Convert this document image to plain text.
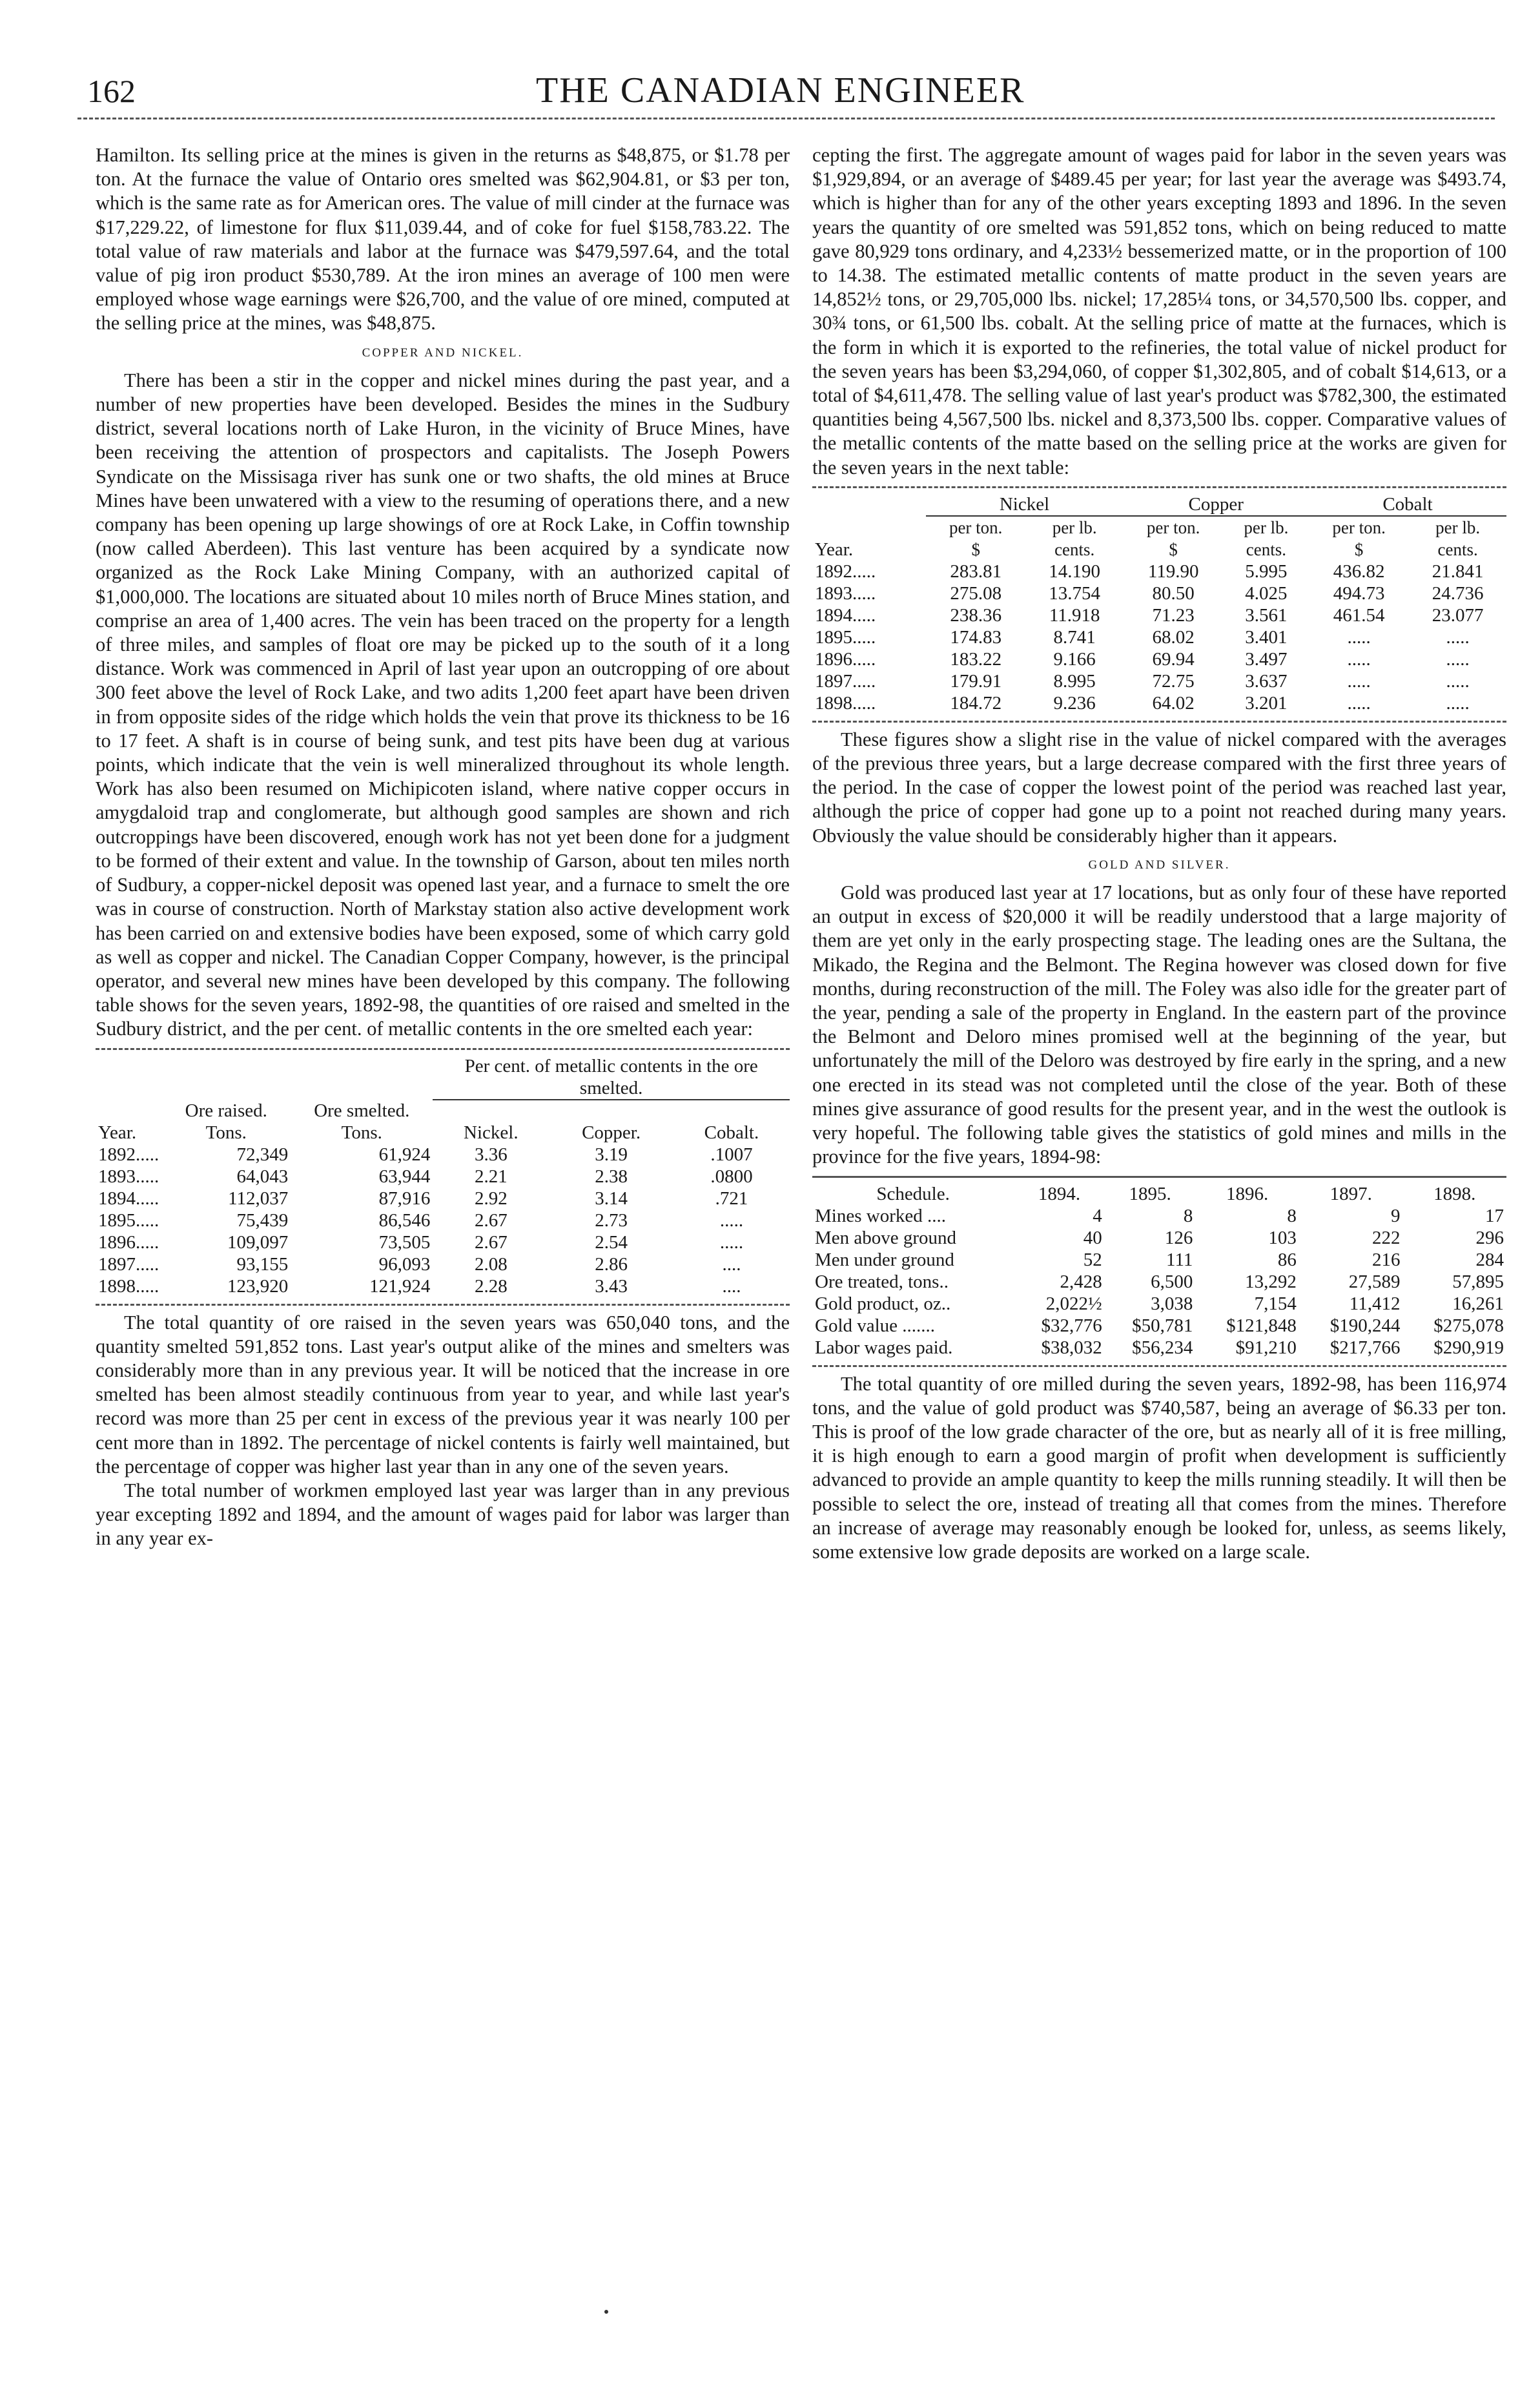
162	THE CANADIAN ENGINEER

Hamilton. Its selling price at the mines is given in the returns as $48,875, or $1.78 per ton. At the furnace the value of Ontario ores smelted was $62,904.81, or $3 per ton, which is the same rate as for American ores. The value of mill cinder at the furnace was $17,229.22, of limestone for flux $11,039.44, and of coke for fuel $158,783.22. The total value of raw materials and labor at the furnace was $479,597.64, and the total value of pig iron product $530,789. At the iron mines an average of 100 men were employed whose wage earnings were $26,700, and the value of ore mined, computed at the selling price at the mines, was $48,875.

COPPER AND NICKEL.

There has been a stir in the copper and nickel mines during the past year, and a number of new properties have been developed. Besides the mines in the Sudbury district, several locations north of Lake Huron, in the vicinity of Bruce Mines, have been receiving the attention of prospectors and capitalists. The Joseph Powers Syndicate on the Missisaga river has sunk one or two shafts, the old mines at Bruce Mines have been unwatered with a view to the resuming of operations there, and a new company has been opening up large showings of ore at Rock Lake, in Coffin township (now called Aberdeen). This last venture has been acquired by a syndicate now organized as the Rock Lake Mining Company, with an authorized capital of $1,000,000. The locations are situated about 10 miles north of Bruce Mines station, and comprise an area of 1,400 acres. The vein has been traced on the property for a length of three miles, and samples of float ore may be picked up to the south of it a long distance. Work was commenced in April of last year upon an outcropping of ore about 300 feet above the level of Rock Lake, and two adits 1,200 feet apart have been driven in from opposite sides of the ridge which holds the vein that prove its thickness to be 16 to 17 feet. A shaft is in course of being sunk, and test pits have been dug at various points, which indicate that the vein is well mineralized throughout its whole length. Work has also been resumed on Michipicoten island, where native copper occurs in amygdaloid trap and conglomerate, but although good samples are shown and rich outcroppings have been discovered, enough work has not yet been done for a judgment to be formed of their extent and value. In the township of Garson, about ten miles north of Sudbury, a copper-nickel deposit was opened last year, and a furnace to smelt the ore was in course of construction. North of Markstay station also active development work has been carried on and extensive bodies have been exposed, some of which carry gold as well as copper and nickel. The Canadian Copper Company, however, is the principal operator, and several new mines have been developed by this company. The following table shows for the seven years, 1892-98, the quantities of ore raised and smelted in the Sudbury district, and the per cent. of metallic contents in the ore smelted each year:

			Per cent. of metallic contents in the ore smelted.		
Year.	Ore raised. Tons.	Ore smelted. Tons.	Nickel.	Copper.	Cobalt.
1892.....	72,349	61,924	3.36	3.19	.1007
1893.....	64,043	63,944	2.21	2.38	.0800
1894.....	112,037	87,916	2.92	3.14	.721
1895.....	75,439	86,546	2.67	2.73	.....
1896.....	109,097	73,505	2.67	2.54	.....
1897.....	93,155	96,093	2.08	2.86	....
1898.....	123,920	121,924	2.28	3.43	....

The total quantity of ore raised in the seven years was 650,040 tons, and the quantity smelted 591,852 tons. Last year's output alike of the mines and smelters was considerably more than in any previous year. It will be noticed that the increase in ore smelted has been almost steadily continuous from year to year, and while last year's record was more than 25 per cent in excess of the previous year it was nearly 100 per cent more than in 1892. The percentage of nickel contents is fairly well maintained, but the percentage of copper was higher last year than in any one of the seven years.

The total number of workmen employed last year was larger than in any previous year excepting 1892 and 1894, and the amount of wages paid for labor was larger than in any year ex-

cepting the first. The aggregate amount of wages paid for labor in the seven years was $1,929,894, or an average of $489.45 per year; for last year the average was $493.74, which is higher than for any of the other years excepting 1893 and 1896. In the seven years the quantity of ore smelted was 591,852 tons, which on being reduced to matte gave 80,929 tons ordinary, and 4,233½ bessemerized matte, or in the proportion of 100 to 14.38. The estimated metallic contents of matte product in the seven years are 14,852½ tons, or 29,705,000 lbs. nickel; 17,285¼ tons, or 34,570,500 lbs. copper, and 30¾ tons, or 61,500 lbs. cobalt. At the selling price of matte at the furnaces, which is the form in which it is exported to the refineries, the total value of nickel product for the seven years has been $3,294,060, of copper $1,302,805, and of cobalt $14,613, or a total of $4,611,478. The selling value of last year's product was $782,300, the estimated quantities being 4,567,500 lbs. nickel and 8,373,500 lbs. copper. Comparative values of the metallic contents of the matte based on the selling price at the works are given for the seven years in the next table:

Year.	Nickel		Copper		Cobalt	
	per ton.	per lb.	per ton.	per lb.	per ton.	per lb.
	$	cents.	$	cents.	$	cents.
1892.....	283.81	14.190	119.90	5.995	436.82	21.841
1893.....	275.08	13.754	80.50	4.025	494.73	24.736
1894.....	238.36	11.918	71.23	3.561	461.54	23.077
1895.....	174.83	8.741	68.02	3.401	.....	.....
1896.....	183.22	9.166	69.94	3.497	.....	.....
1897.....	179.91	8.995	72.75	3.637	.....	.....
1898.....	184.72	9.236	64.02	3.201	.....	.....

These figures show a slight rise in the value of nickel compared with the averages of the previous three years, but a large decrease compared with the first three years of the period. In the case of copper the lowest point of the period was reached last year, although the price of copper had gone up to a point not reached during many years. Obviously the value should be considerably higher than it appears.

GOLD AND SILVER.

Gold was produced last year at 17 locations, but as only four of these have reported an output in excess of $20,000 it will be readily understood that a large majority of them are yet only in the early prospecting stage. The leading ones are the Sultana, the Mikado, the Regina and the Belmont. The Regina however was closed down for five months, during reconstruction of the mill. The Foley was also idle for the greater part of the year, pending a sale of the property in England. In the eastern part of the province the Belmont and Deloro mines promised well at the beginning of the year, but unfortunately the mill of the Deloro was destroyed by fire early in the spring, and a new one erected in its stead was not completed until the close of the year. Both of these mines give assurance of good results for the present year, and in the west the outlook is very hopeful. The following table gives the statistics of gold mines and mills in the province for the five years, 1894-98:

Schedule.	1894.	1895.	1896.	1897.	1898.
Mines worked ....	4	8	8	9	17
Men above ground	40	126	103	222	296
Men under ground	52	111	86	216	284
Ore treated, tons..	2,428	6,500	13,292	27,589	57,895
Gold product, oz..	2,022½	3,038	7,154	11,412	16,261
Gold value .......	$32,776	$50,781	$121,848	$190,244	$275,078
Labor wages paid.	$38,032	$56,234	$91,210	$217,766	$290,919

The total quantity of ore milled during the seven years, 1892-98, has been 116,974 tons, and the value of gold product was $740,587, being an average of $6.33 per ton. This is proof of the low grade character of the ore, but as nearly all of it is free milling, it is high enough to earn a good margin of profit when development is sufficiently advanced to provide an ample quantity to keep the mills running steadily. It will then be possible to select the ore, instead of treating all that comes from the mines. Therefore an increase of average may reasonably enough be looked for, unless, as seems likely, some extensive low grade deposits are worked on a large scale.
